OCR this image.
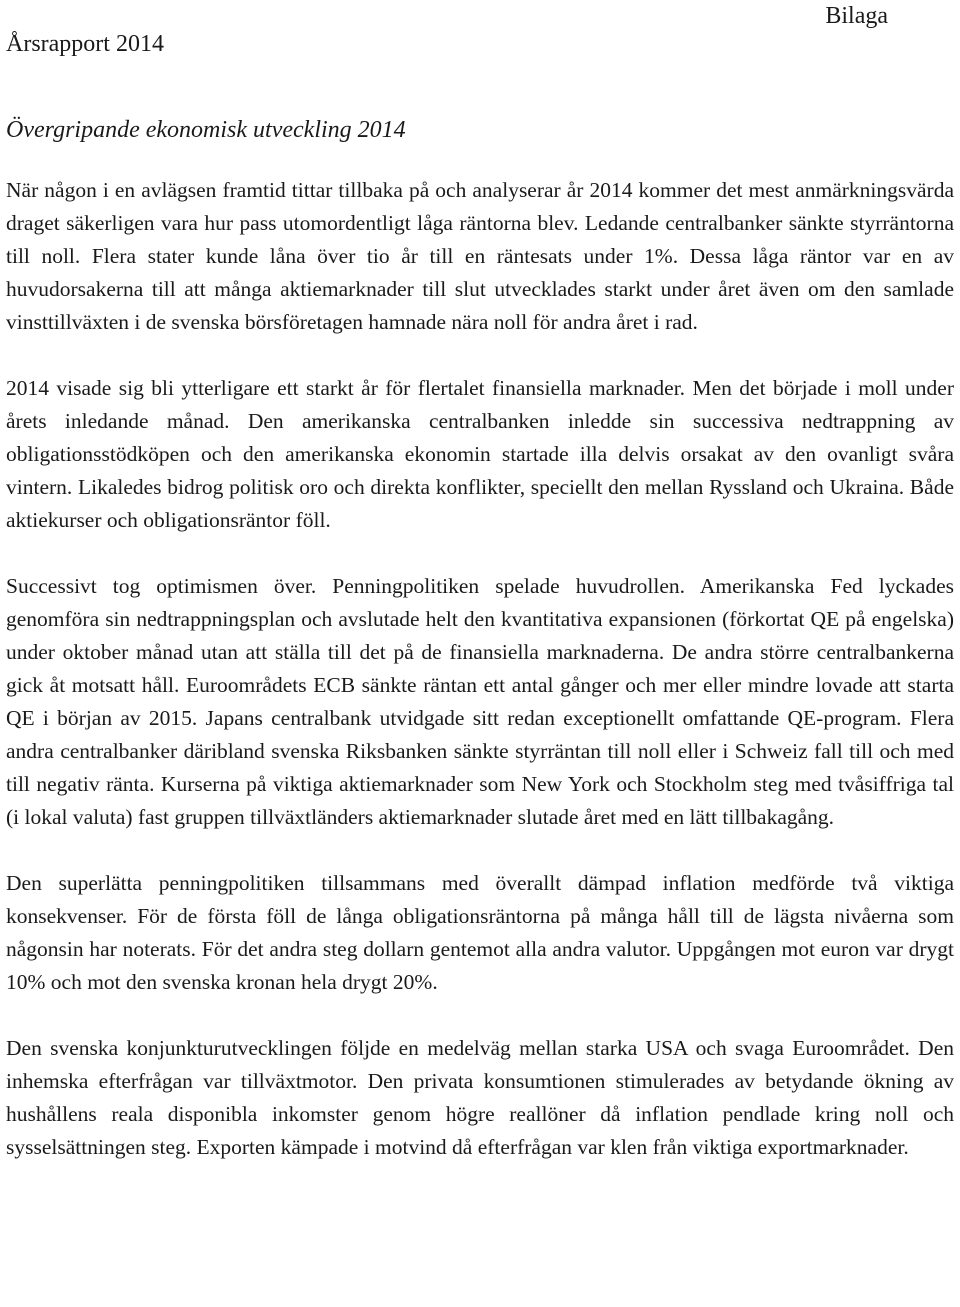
Bilaga
Årsrapport 2014
Övergripande ekonomisk utveckling 2014

När någon i en avlägsen framtid tittar tillbaka på och analyserar år 2014 kommer det mest anmärkningsvärda draget säkerligen vara hur pass utomordentligt låga räntorna blev. Ledande centralbanker sänkte styrräntorna till noll. Flera stater kunde låna över tio år till en räntesats under 1%. Dessa låga räntor var en av huvudorsakerna till att många aktiemarknader till slut utvecklades starkt under året även om den samlade vinsttillväxten i de svenska börsföretagen hamnade nära noll för andra året i rad.

2014 visade sig bli ytterligare ett starkt år för flertalet finansiella marknader. Men det började i moll under årets inledande månad. Den amerikanska centralbanken inledde sin successiva nedtrappning av obligationsstödköpen och den amerikanska ekonomin startade illa delvis orsakat av den ovanligt svåra vintern. Likaledes bidrog politisk oro och direkta konflikter, speciellt den mellan Ryssland och Ukraina. Både aktiekurser och obligationsräntor föll.

Successivt tog optimismen över. Penningpolitiken spelade huvudrollen. Amerikanska Fed lyckades genomföra sin nedtrappningsplan och avslutade helt den kvantitativa expansionen (förkortat QE på engelska) under oktober månad utan att ställa till det på de finansiella marknaderna. De andra större centralbankerna gick åt motsatt håll. Euroområdets ECB sänkte räntan ett antal gånger och mer eller mindre lovade att starta QE i början av 2015. Japans centralbank utvidgade sitt redan exceptionellt omfattande QE-program. Flera andra centralbanker däribland svenska Riksbanken sänkte styrräntan till noll eller i Schweiz fall till och med till negativ ränta. Kurserna på viktiga aktiemarknader som New York och Stockholm steg med tvåsiffriga tal (i lokal valuta) fast gruppen tillväxtländers aktiemarknader slutade året med en lätt tillbakagång.

Den superlätta penningpolitiken tillsammans med överallt dämpad inflation medförde två viktiga konsekvenser. För de första föll de långa obligationsräntorna på många håll till de lägsta nivåerna som någonsin har noterats. För det andra steg dollarn gentemot alla andra valutor. Uppgången mot euron var drygt 10% och mot den svenska kronan hela drygt 20%.

Den svenska konjunkturutvecklingen följde en medelväg mellan starka USA och svaga Euroområdet. Den inhemska efterfrågan var tillväxtmotor. Den privata konsumtionen stimulerades av betydande ökning av hushållens reala disponibla inkomster genom högre reallöner då inflation pendlade kring noll och sysselsättningen steg. Exporten kämpade i motvind då efterfrågan var klen från viktiga exportmarknader.
